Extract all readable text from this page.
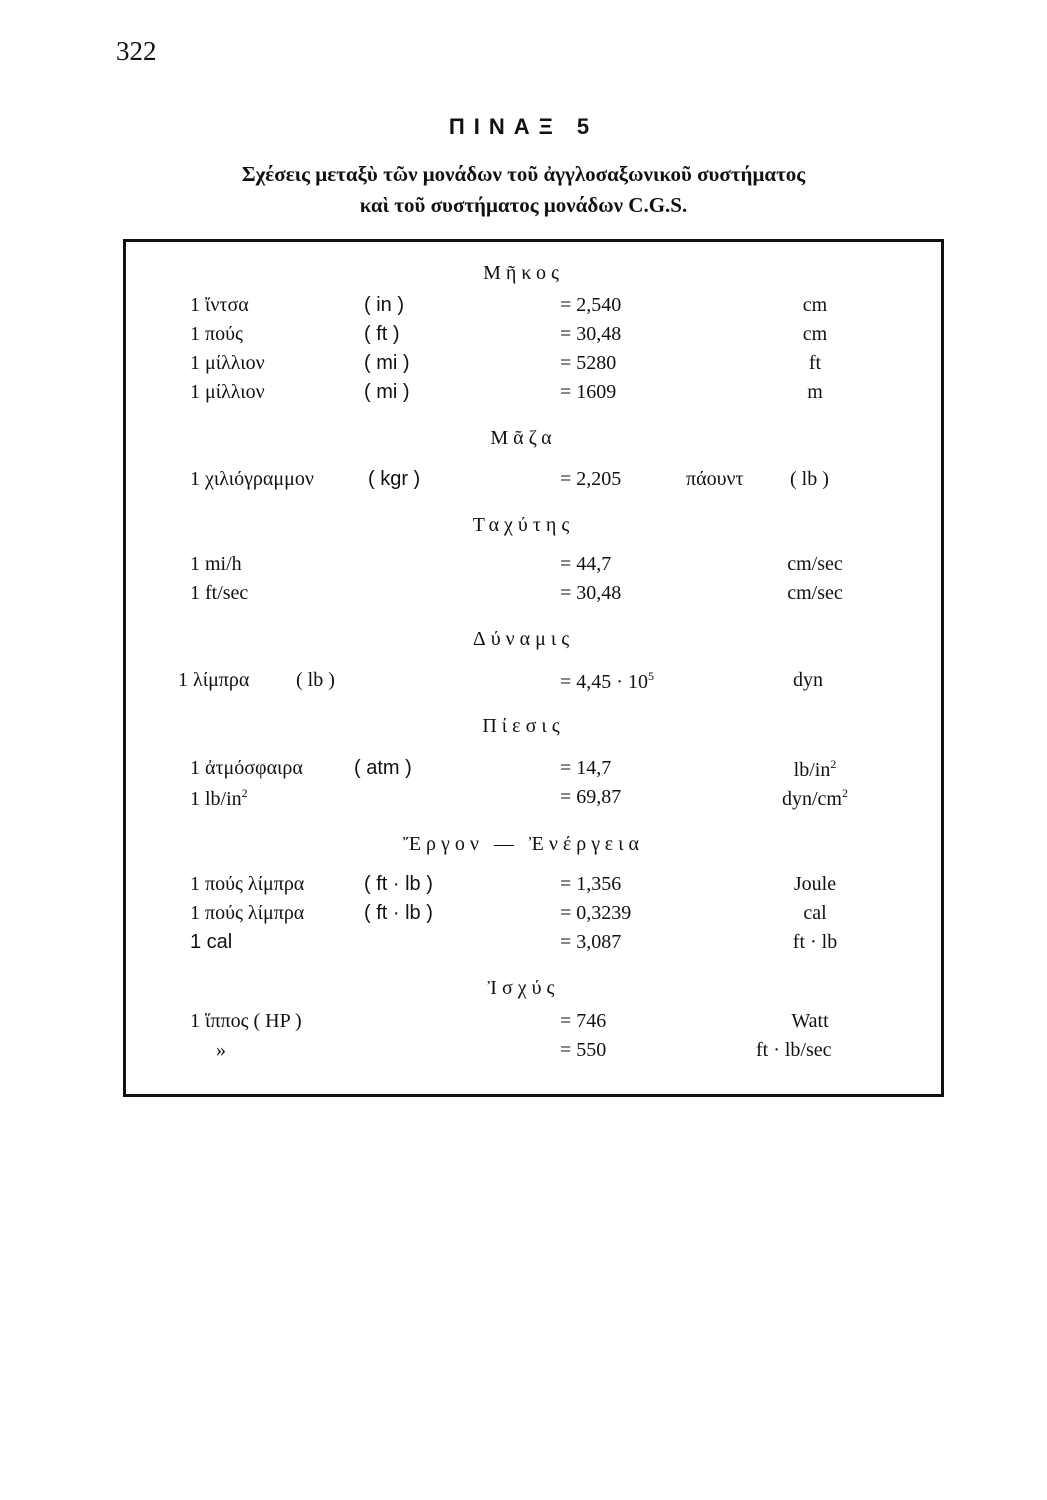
322
ΠΙΝΑΞ 5
Σχέσεις μεταξὺ τῶν μονάδων τοῦ ἀγγλοσαξωνικοῦ συστήματος
καὶ τοῦ συστήματος μονάδων C.G.S.
Μῆκος
1 ἴντσα	( in )	= 2,540	cm
1 πούς	( ft )	= 30,48	cm
1 μίλλιον	( mi )	= 5280	ft
1 μίλλιον	( mi )	= 1609	m
Μᾶζα
1 χιλιόγραμμον	( kgr )	= 2,205	πάουντ ( lb )
Ταχύτης
1 mi/h	= 44,7	cm/sec
1 ft/sec	= 30,48	cm/sec
Δύναμις
1 λίμπρα ( lb )	= $4,45 \cdot 10^5$	dyn
Πίεσις
1 ἀτμόσφαιρα	( atm )	= 14,7	$lb/in^2$
1 $lb/in^2$	= 69,87	dyn/$cm^2$
Ἔργον — Ἐνέργεια
1 πούς λίμπρα	( ft · lb )	= 1,356	Joule
1 πούς λίμπρα	( ft · lb )	= 0,3239	cal
1 cal	= 3,087	ft · lb
Ἰσχύς
1 ἵππος ( HP )	= 746	Watt
»	= 550	ft · lb/sec
